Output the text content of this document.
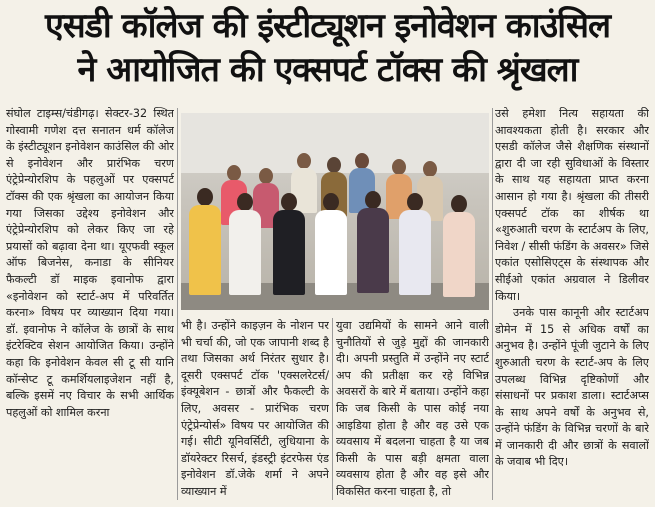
एसडी कॉलेज की इंस्टीट्यूशन इनोवेशन काउंसिल
ने आयोजित की एक्सपर्ट टॉक्स की श्रृंखला

संघोल टाइम्स/चंडीगढ़। सेक्टर-32 स्थित गोस्वामी गणेश दत्त सनातन धर्म कॉलेज के इंस्टीट्यूशन इनोवेशन काउंसिल की ओर से इनोवेशन और प्रारंभिक चरण एंट्रेप्रेन्योरशिप के पहलुओं पर एक्सपर्ट टॉक्स की एक श्रृंखला का आयोजन किया गया जिसका उद्देश्य इनोवेशन और एंट्रेप्रेन्योरशिप को लेकर किए जा रहे प्रयासों को बढ़ावा देना था। यूएफवी स्कूल ऑफ बिजनेस, कनाडा के सीनियर फैकल्टी डॉ माइक इवानोफ द्वारा «इनोवेशन को स्टार्ट-अप में परिवर्तित करना» विषय पर व्याख्यान दिया गया। डॉ. इवानोफ ने कॉलेज के छात्रों के साथ इंटरेक्टिव सेशन आयोजित किया। उन्होंने कहा कि इनोवेशन केवल सी टू सी यानि कॉन्सेप्ट टू कमर्शियलाइजेशन नहीं है, बल्कि इसमें नए विचार के सभी आर्थिक पहलुओं को शामिल करना

भी है। उन्होंने काइज़न के नोशन पर भी चर्चा की, जो एक जापानी शब्द है तथा जिसका अर्थ निरंतर सुधार है। दूसरी एक्सपर्ट टॉक 'एक्सलरेटर्स/ इंक्यूबेशन - छात्रों और फैकल्टी के लिए, अवसर - प्रारंभिक चरण एंट्रेप्रेन्योर्स» विषय पर आयोजित की गई। सीटी यूनिवर्सिटी, लुधियाना के डॉयरेक्टर रिसर्च, इंडस्ट्री इंटरफेस एंड इनोवेशन डॉ.जेके शर्मा ने अपने व्याख्यान में

युवा उद्यमियों के सामने आने वाली चुनौतियों से जुड़े मुद्दों की जानकारी दी। अपनी प्रस्तुति में उन्होंने नए स्टार्ट अप की प्रतीक्षा कर रहे विभिन्न अवसरों के बारे में बताया। उन्होंने कहा कि जब किसी के पास कोई नया आइडिया होता है और वह उसे एक व्यवसाय में बदलना चाहता है या जब किसी के पास बड़ी क्षमता वाला व्यवसाय होता है और वह इसे और विकसित करना चाहता है, तो

उसे हमेशा नित्य सहायता की आवश्यकता होती है। सरकार और एसडी कॉलेज जैसे शैक्षणिक संस्थानों द्वारा दी जा रही सुविधाओं के विस्तार के साथ यह सहायता प्राप्त करना आसान हो गया है। श्रृंखला की तीसरी एक्सपर्ट टॉक का शीर्षक था «शुरुआती चरण के स्टार्टअप के लिए, निवेश / सीसी फंडिंग के अवसर» जिसे एकांत एसोसिएट्स के संस्थापक और सीईओ एकांत अग्रवाल ने डिलीवर किया।

उनके पास कानूनी और स्टार्टअप डोमेन में 15 से अधिक वर्षों का अनुभव है। उन्होंने पूंजी जुटाने के लिए शुरुआती चरण के स्टार्ट-अप के लिए उपलब्ध विभिन्न दृष्टिकोणों और संसाधनों पर प्रकाश डाला। स्टार्टअप्स के साथ अपने वर्षों के अनुभव से, उन्होंने फंडिंग के विभिन्न चरणों के बारे में जानकारी दी और छात्रों के सवालों के जवाब भी दिए।
